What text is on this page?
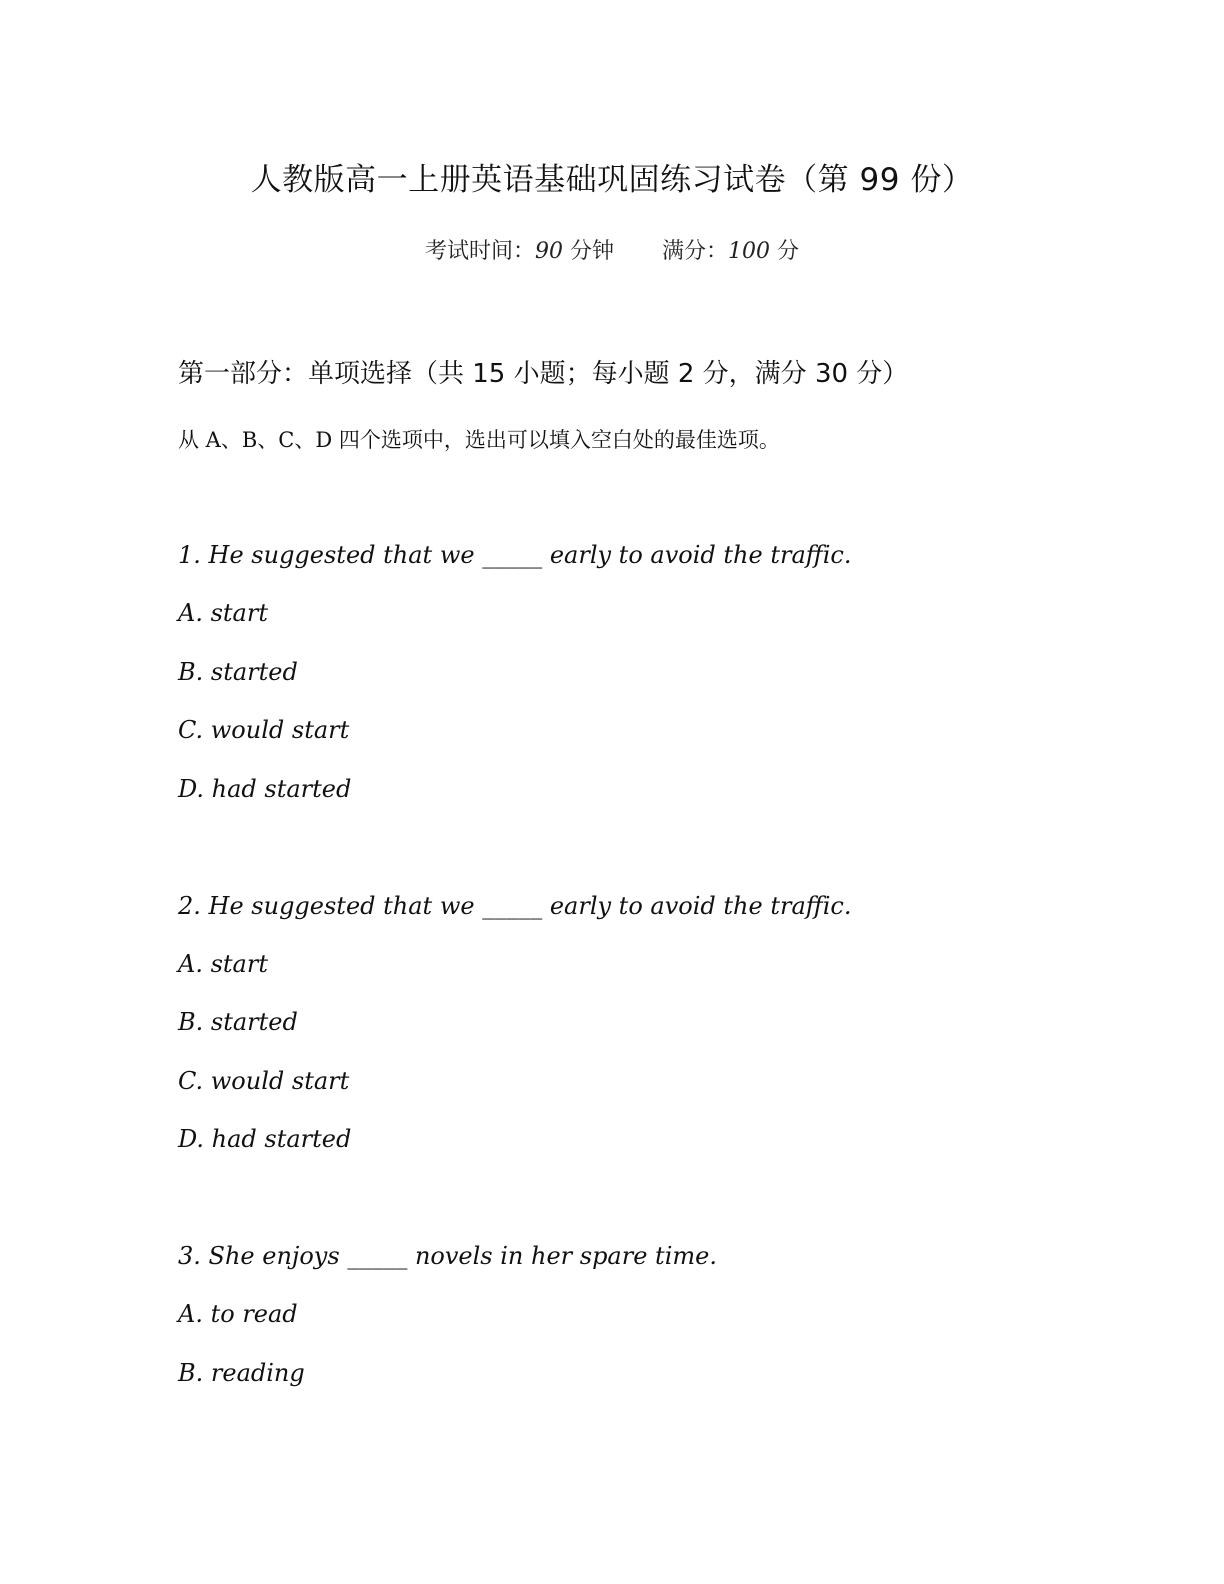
人教版高一上册英语基础巩固练习试卷（第 99 份）
考试时间：90 分钟 满分：100 分
第一部分：单项选择（共 15 小题；每小题 2 分，满分 30 分）
从 A、B、C、D 四个选项中，选出可以填入空白处的最佳选项。
1. He suggested that we _____ early to avoid the traffic.
A. start
B. started
C. would start
D. had started
2. He suggested that we _____ early to avoid the traffic.
A. start
B. started
C. would start
D. had started
3. She enjoys _____ novels in her spare time.
A. to read
B. reading
